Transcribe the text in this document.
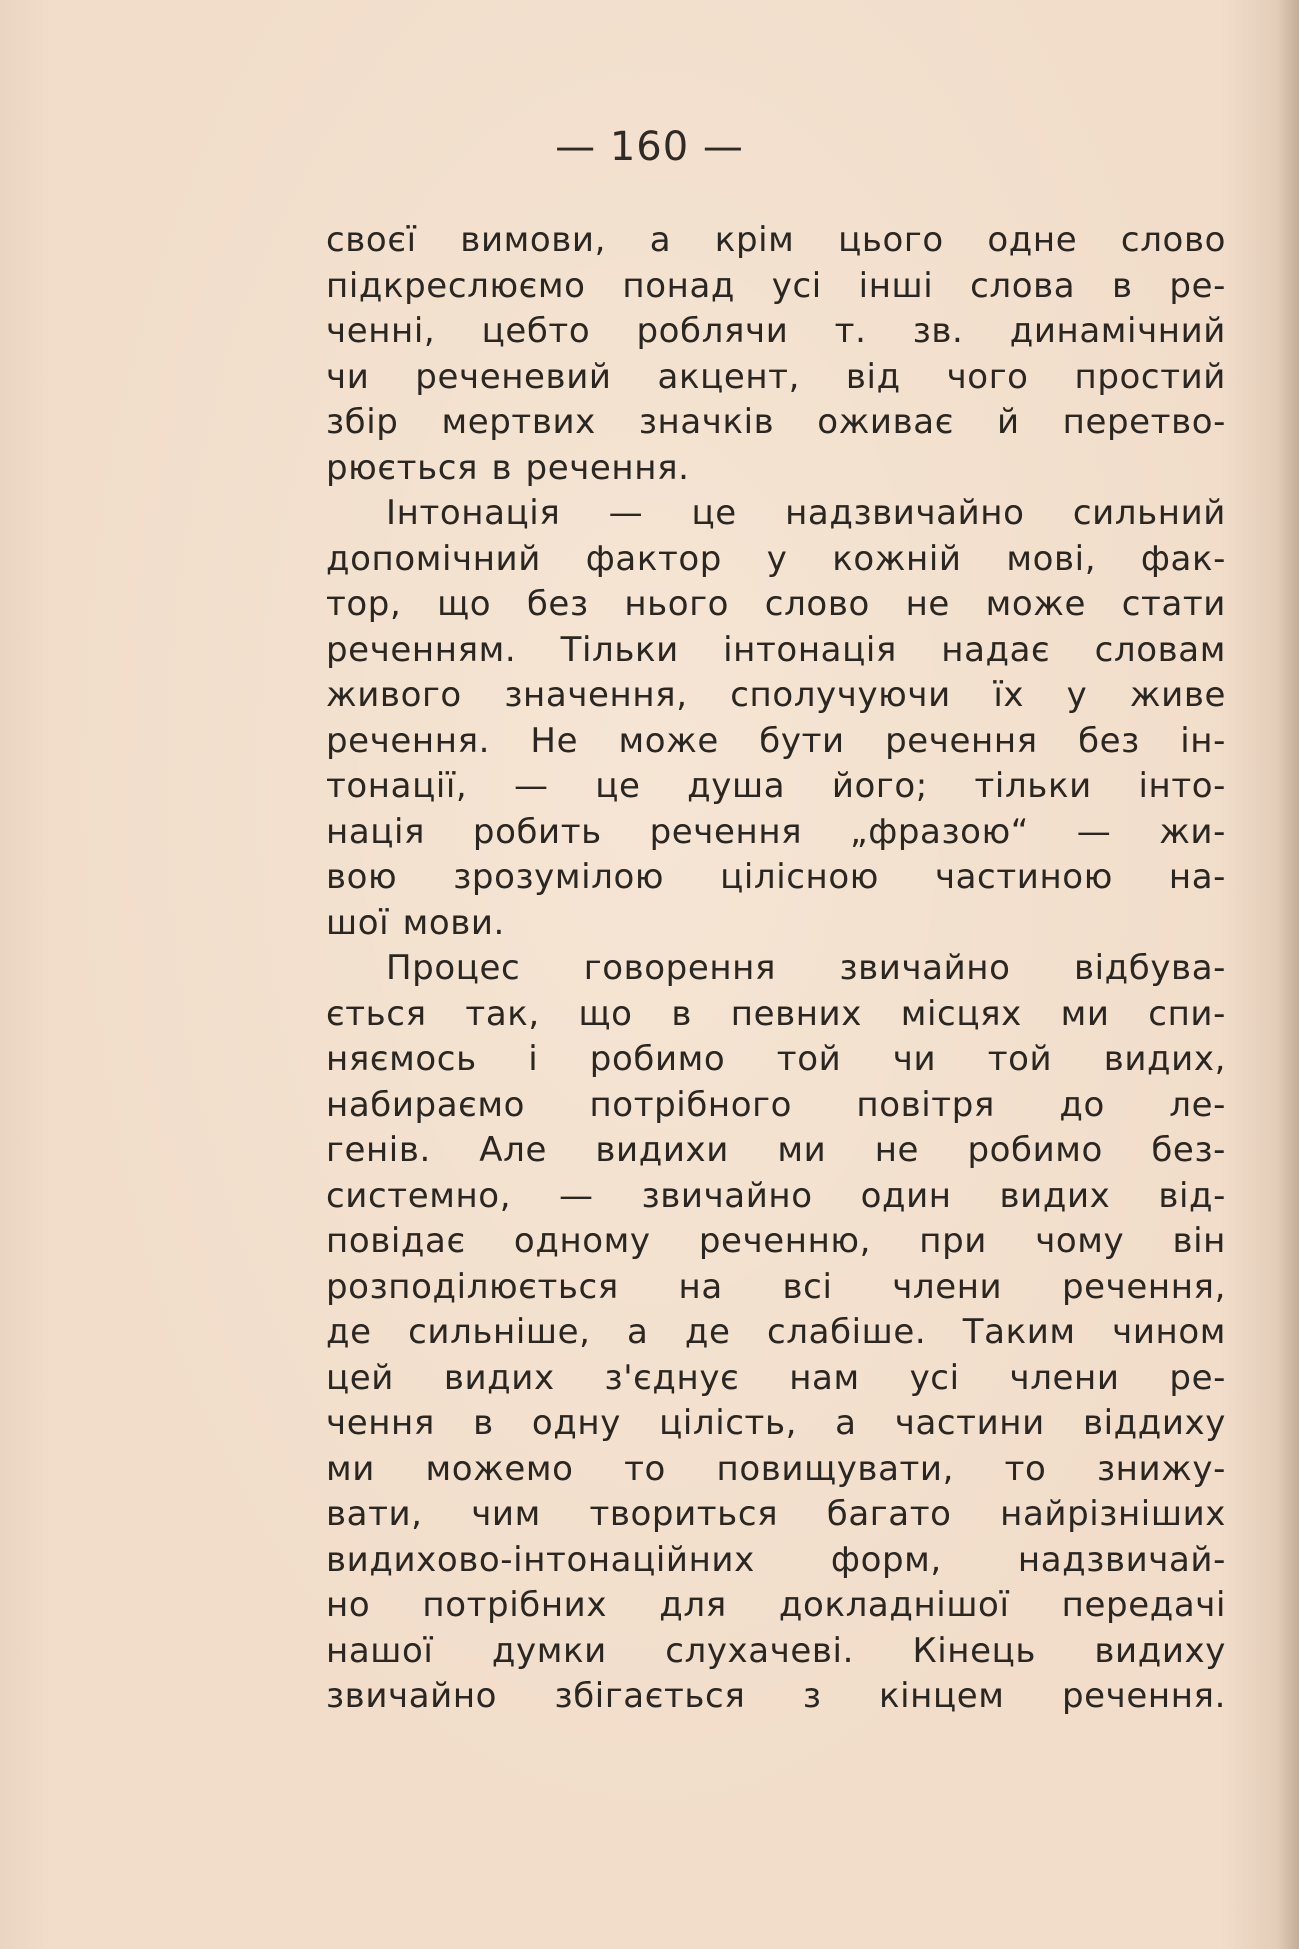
— 160 —
своєї вимови, а крім цього одне слово
підкреслюємо понад усі інші слова в ре-
ченні, цебто роблячи т. зв. динамічний
чи реченевий акцент, від чого простий
збір мертвих значків оживає й перетво-
рюється в речення.
Інтонація — це надзвичайно сильний
допомічний фактор у кожній мові, фак-
тор, що без нього слово не може стати
реченням. Тільки інтонація надає словам
живого значення, сполучуючи їх у живе
речення. Не може бути речення без ін-
тонації, — це душа його; тільки інто-
нація робить речення „фразою“ — жи-
вою зрозумілою цілісною частиною на-
шої мови.
Процес говорення звичайно відбува-
ється так, що в певних місцях ми спи-
няємось і робимо той чи той видих,
набираємо потрібного повітря до ле-
генів. Але видихи ми не робимо без-
системно, — звичайно один видих від-
повідає одному реченню, при чому він
розподілюється на всі члени речення,
де сильніше, а де слабіше. Таким чином
цей видих з'єднує нам усі члени ре-
чення в одну цілість, а частини віддиху
ми можемо то повищувати, то знижу-
вати, чим твориться багато найрізніших
видихово-інтонаційних форм, надзвичай-
но потрібних для докладнішої передачі
нашої думки слухачеві. Кінець видиху
звичайно збігається з кінцем речення.
